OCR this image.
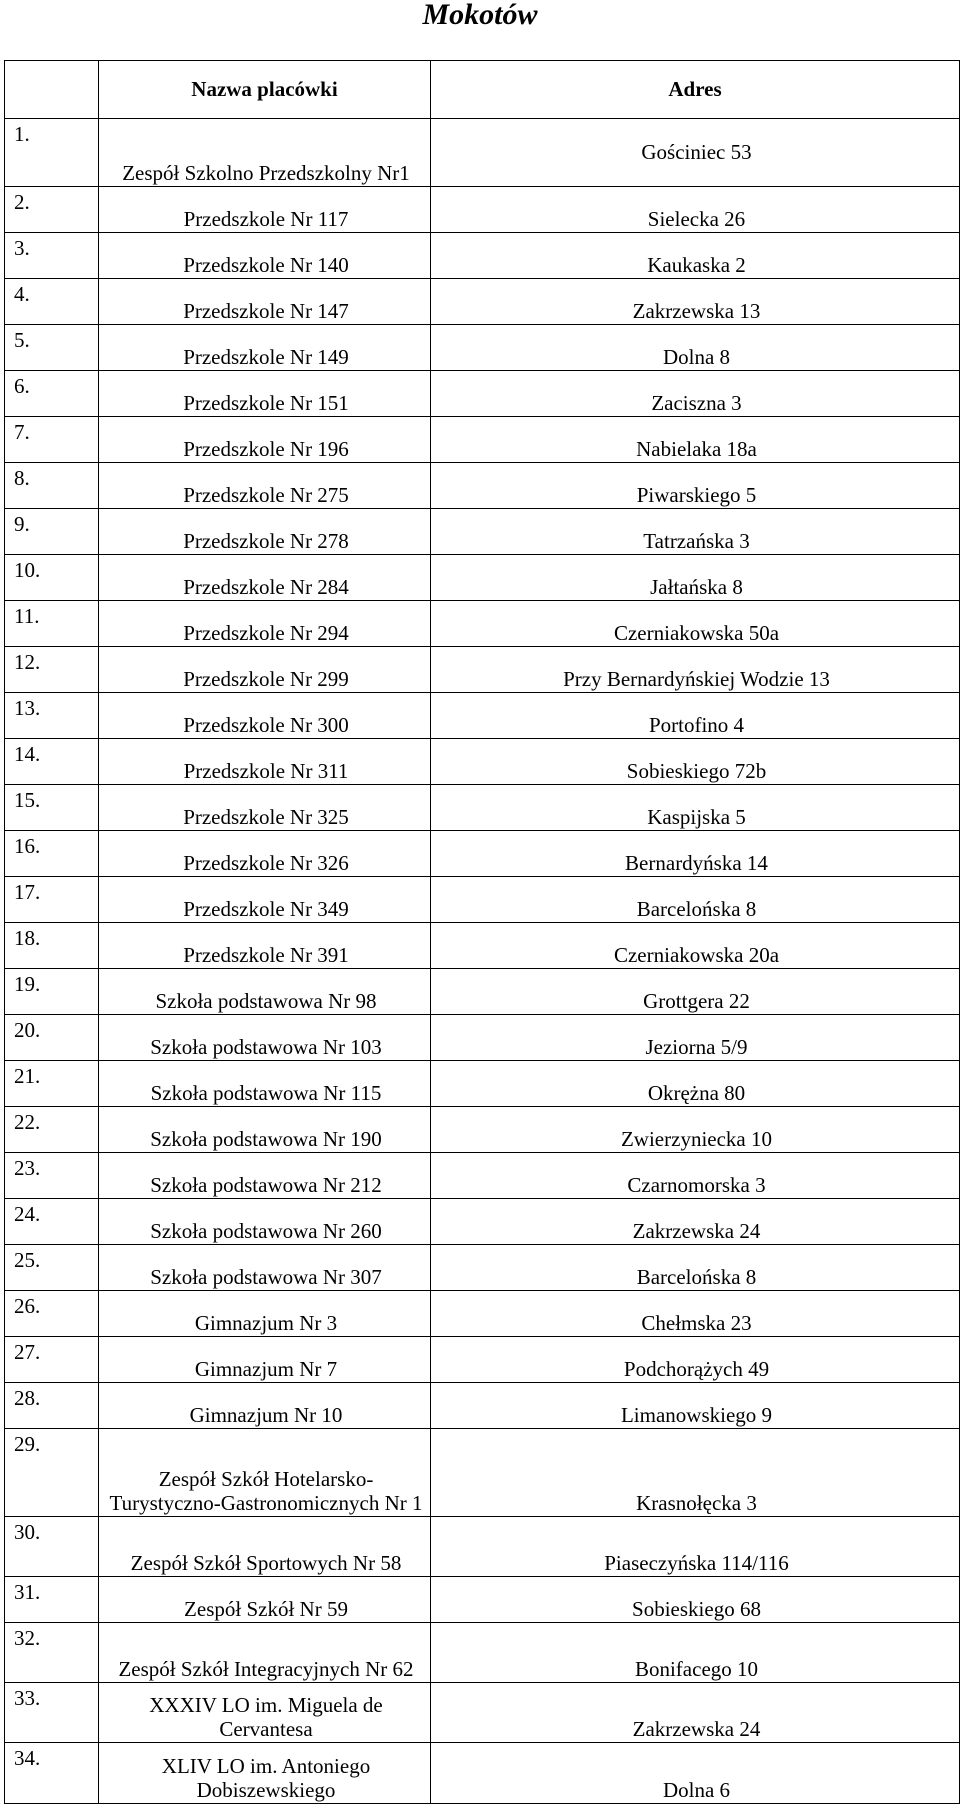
Mokotów
	Nazwa placówki	Adres
1.	Zespół Szkolno Przedszkolny Nr1	Gościniec 53
2.	Przedszkole Nr 117	Sielecka 26
3.	Przedszkole Nr 140	Kaukaska 2
4.	Przedszkole Nr 147	Zakrzewska 13
5.	Przedszkole Nr 149	Dolna 8
6.	Przedszkole Nr 151	Zaciszna 3
7.	Przedszkole Nr 196	Nabielaka 18a
8.	Przedszkole Nr 275	Piwarskiego 5
9.	Przedszkole Nr 278	Tatrzańska 3
10.	Przedszkole Nr 284	Jałtańska 8
11.	Przedszkole Nr 294	Czerniakowska 50a
12.	Przedszkole Nr 299	Przy Bernardyńskiej Wodzie 13
13.	Przedszkole Nr 300	Portofino 4
14.	Przedszkole Nr 311	Sobieskiego 72b
15.	Przedszkole Nr 325	Kaspijska 5
16.	Przedszkole Nr 326	Bernardyńska 14
17.	Przedszkole Nr 349	Barcelońska 8
18.	Przedszkole Nr 391	Czerniakowska 20a
19.	Szkoła podstawowa Nr 98	Grottgera 22
20.	Szkoła podstawowa Nr 103	Jeziorna 5/9
21.	Szkoła podstawowa Nr 115	Okrężna 80
22.	Szkoła podstawowa Nr 190	Zwierzyniecka 10
23.	Szkoła podstawowa Nr 212	Czarnomorska 3
24.	Szkoła podstawowa Nr 260	Zakrzewska 24
25.	Szkoła podstawowa Nr 307	Barcelońska 8
26.	Gimnazjum Nr 3	Chełmska 23
27.	Gimnazjum Nr 7	Podchorążych 49
28.	Gimnazjum Nr 10	Limanowskiego 9
29.	Zespół Szkół Hotelarsko-Turystyczno-Gastronomicznych Nr 1	Krasnołęcka 3
30.	Zespół Szkół Sportowych Nr 58	Piaseczyńska 114/116
31.	Zespół Szkół Nr 59	Sobieskiego 68
32.	Zespół Szkół Integracyjnych Nr 62	Bonifacego 10
33.	XXXIV LO im. Miguela de Cervantesa	Zakrzewska 24
34.	XLIV LO im. Antoniego Dobiszewskiego	Dolna 6
